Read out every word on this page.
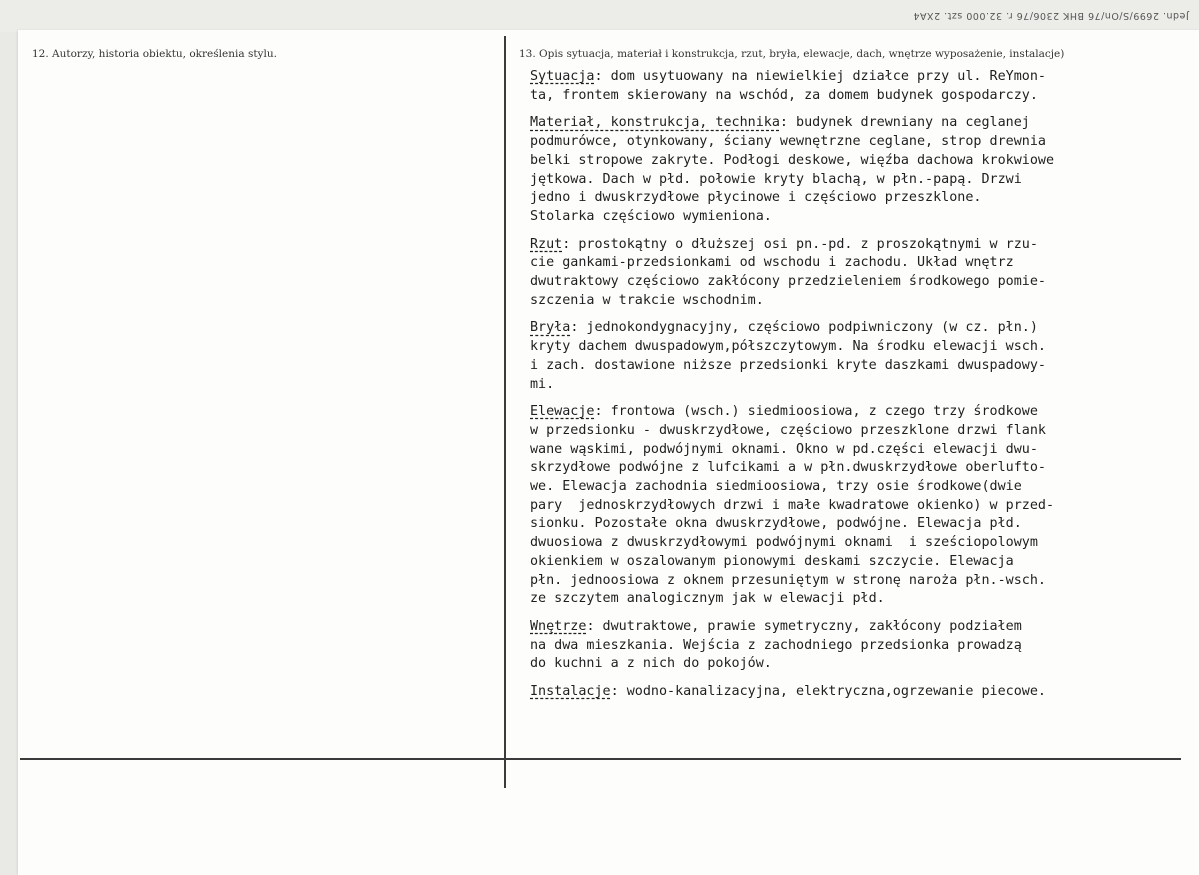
Jedn. 2699/S/On/76 BHK 2306/76 r. 32.000 szt. 2XA4
12. Autorzy, historia obiektu, określenia stylu.	13. Opis sytuacja, materiał i konstrukcja, rzut, bryła, elewacje, dach, wnętrze wyposażenie, instalacje)
Sytuacja: dom usytuowany na niewielkiej działce przy ul. ReYmon-
ta, frontem skierowany na wschód, za domem budynek gospodarczy.
Materiał, konstrukcja, technika: budynek drewniany na ceglanej
podmurówce, otynkowany, ściany wewnętrzne ceglane, strop drewnia
belki stropowe zakryte. Podłogi deskowe, więźba dachowa krokwiowe
jętkowa. Dach w płd. połowie kryty blachą, w płn.-papą. Drzwi
jedno i dwuskrzydłowe płycinowe i częściowo przeszklone.
Stolarka częściowo wymieniona.
Rzut: prostokątny o dłuższej osi pn.-pd. z proszokątnymi w rzu-
cie gankami-przedsionkami od wschodu i zachodu. Układ wnętrz
dwutraktowy częściowo zakłócony przedzieleniem środkowego pomie-
szczenia w trakcie wschodnim.
Bryła: jednokondygnacyjny, częściowo podpiwniczony (w cz. płn.)
kryty dachem dwuspadowym,półszczytowym. Na środku elewacji wsch.
i zach. dostawione niższe przedsionki kryte daszkami dwuspadowy-
mi.
Elewacje: frontowa (wsch.) siedmioosiowa, z czego trzy środkowe
w przedsionku - dwuskrzydłowe, częściowo przeszklone drzwi flank
wane wąskimi, podwójnymi oknami. Okno w pd.części elewacji dwu-
skrzydłowe podwójne z lufcikami a w płn.dwuskrzydłowe oberlufto-
we. Elewacja zachodnia siedmioosiowa, trzy osie środkowe(dwie
pary  jednoskrzydłowych drzwi i małe kwadratowe okienko) w przed-
sionku. Pozostałe okna dwuskrzydłowe, podwójne. Elewacja płd.
dwuosiowa z dwuskrzydłowymi podwójnymi oknami  i sześciopolowym
okienkiem w oszalowanym pionowymi deskami szczycie. Elewacja
płn. jednoosiowa z oknem przesuniętym w stronę naroża płn.-wsch.
ze szczytem analogicznym jak w elewacji płd.
Wnętrze: dwutraktowe, prawie symetryczny, zakłócony podziałem
na dwa mieszkania. Wejścia z zachodniego przedsionka prowadzą
do kuchni a z nich do pokojów.
Instalacje: wodno-kanalizacyjna, elektryczna,ogrzewanie piecowe.
